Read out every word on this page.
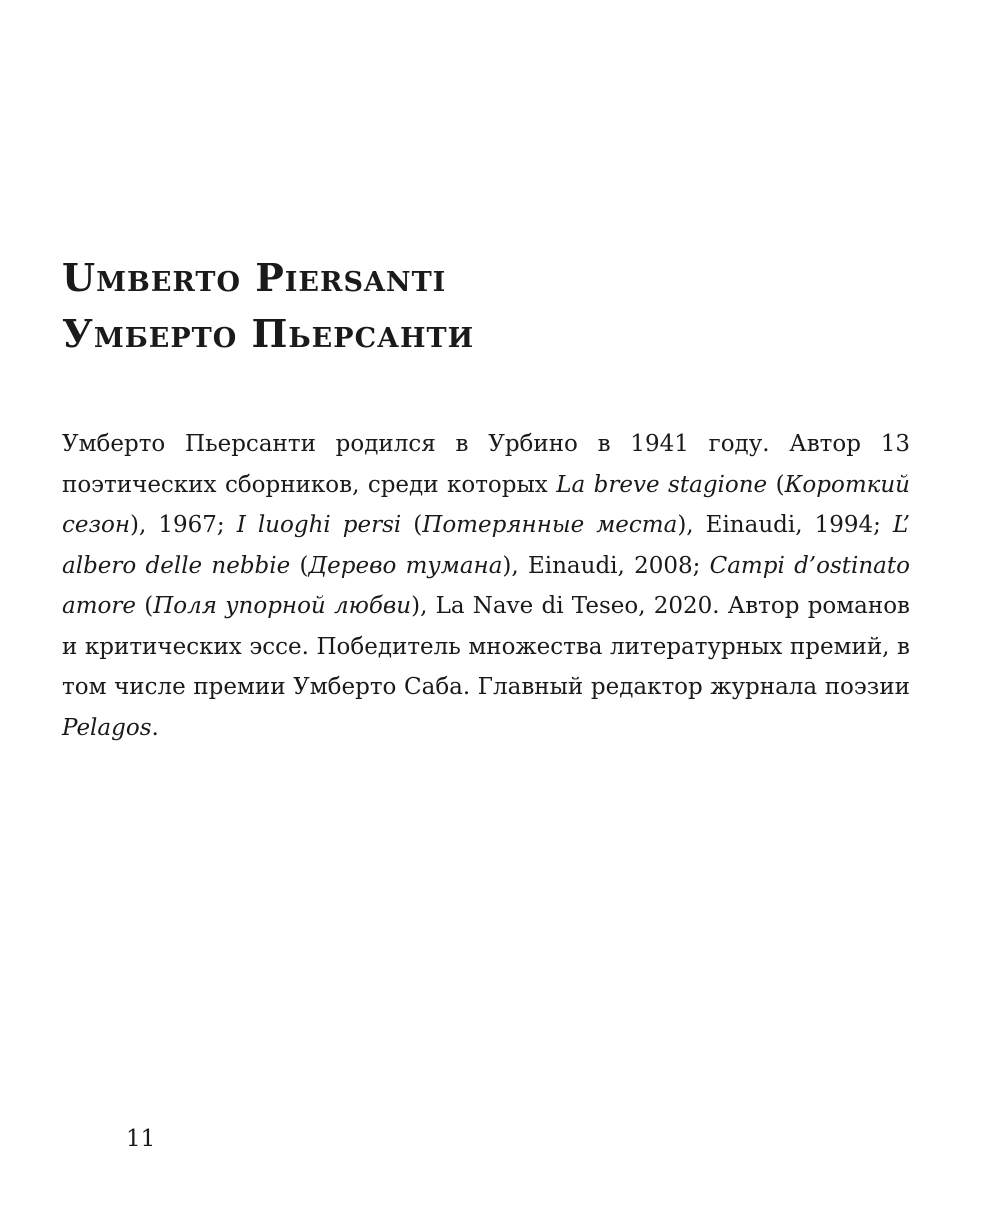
Umberto Piersanti
Умберто Пьерсанти

Умберто Пьерсанти родился в Урбино в 1941 году. Автор 13 поэтических сборников, среди которых La breve stagione (Короткий сезон), 1967; I luoghi persi (Потерянные места), Einaudi, 1994; L’ albero delle nebbie (Дерево тумана), Einaudi, 2008; Campi d’ostinato amore (Поля упорной любви), La Nave di Teseo, 2020. Автор романов и критических эссе. Победитель множества литературных премий, в том числе премии Умберто Саба. Главный редактор журнала поэзии Pelagos.

11
